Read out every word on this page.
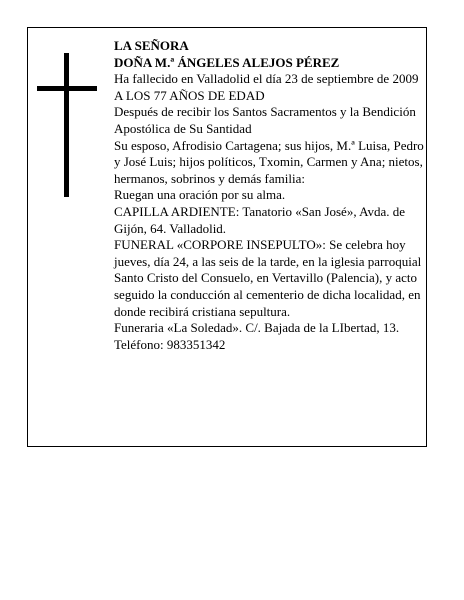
LA SEÑORA

DOÑA M.ª ÁNGELES ALEJOS PÉREZ

Ha fallecido en Valladolid el día 23 de septiembre de 2009

A LOS 77 AÑOS DE EDAD

Después de recibir los Santos Sacramentos y la Bendición Apostólica de Su Santidad

Su esposo, Afrodisio Cartagena; sus hijos, M.ª Luisa, Pedro y José Luis; hijos políticos, Txomin, Carmen y Ana; nietos, hermanos, sobrinos y demás familia:

Ruegan una oración por su alma.

CAPILLA ARDIENTE: Tanatorio «San José», Avda. de Gijón, 64. Valladolid.

FUNERAL «CORPORE INSEPULTO»: Se celebra hoy jueves, día 24, a las seis de la tarde, en la iglesia parroquial Santo Cristo del Consuelo, en Vertavillo (Palencia), y acto seguido la conducción al cementerio de dicha localidad, en donde recibirá cristiana sepultura.

Funeraria «La Soledad». C/. Bajada de la LIbertad, 13.

Teléfono: 983351342
